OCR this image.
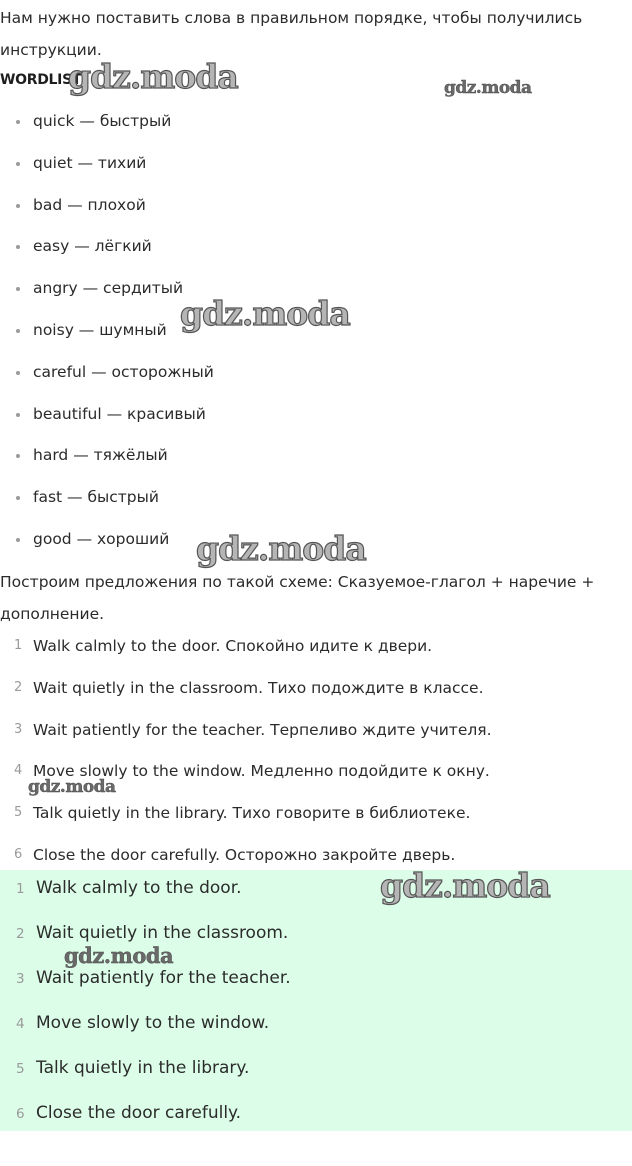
Нам нужно поставить слова в правильном порядке, чтобы получились инструкции.

WORDLIST

quick — быстрый
quiet — тихий
bad — плохой
easy — лёгкий
angry — сердитый
noisy — шумный
careful — осторожный
beautiful — красивый
hard — тяжёлый
fast — быстрый
good — хороший

Построим предложения по такой схеме: Сказуемое-глагол + наречие + дополнение.

1 Walk calmly to the door. Спокойно идите к двери.
2 Wait quietly in the classroom. Тихо подождите в классе.
3 Wait patiently for the teacher. Терпеливо ждите учителя.
4 Move slowly to the window. Медленно подойдите к окну.
5 Talk quietly in the library. Тихо говорите в библиотеке.
6 Close the door carefully. Осторожно закройте дверь.
1 Walk calmly to the door.
2 Wait quietly in the classroom.
3 Wait patiently for the teacher.
4 Move slowly to the window.
5 Talk quietly in the library.
6 Close the door carefully.
gdz.moda	gdz.moda
gdz.moda
gdz.moda
gdz.moda
gdz.moda
gdz.moda
